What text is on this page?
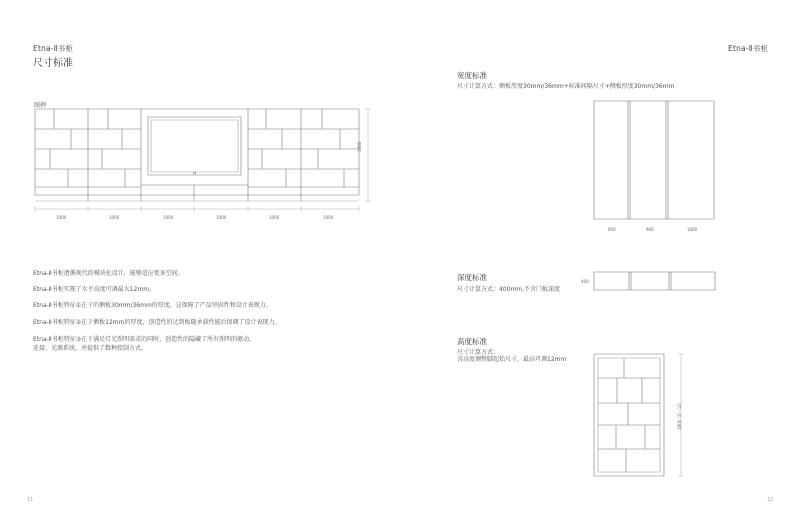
Etna-Ⅱ书柜
尺寸标准
图例
1800
1000	1000	1000	1000	1000	1000
Etna-Ⅱ书柜遵循现代的模块化设计，能够适应更多空间。
Etna-Ⅱ书柜实现了水平高度可调最大12mm。
Etna-Ⅱ书柜特征①在于的侧板30mm/36mm的厚度，这保障了产品坚固性和设计表现力。
Etna-Ⅱ书柜特征②在于侧板12mm的厚度，创造性的达到板随承载性能后保调了设计表现力。
Etna-Ⅱ书柜特征③在于满足灯光照明需求的同时，创造性的隐藏了所有照明的驱动、
连接、光源系统，并提供了数种控制方式。
11
Etna-Ⅱ书柜
宽度标准
尺寸计算方式：侧板厚度30mm/36mm+标准间隔尺寸+侧板厚度30mm/36mm
600	900	1000
深度标准
尺寸计算方式：400mm,不含门板深度
400
高度标准
尺寸计算方式：
含高度调整脚起始尺寸，最高可调12mm
1800（0 - 12）
12
